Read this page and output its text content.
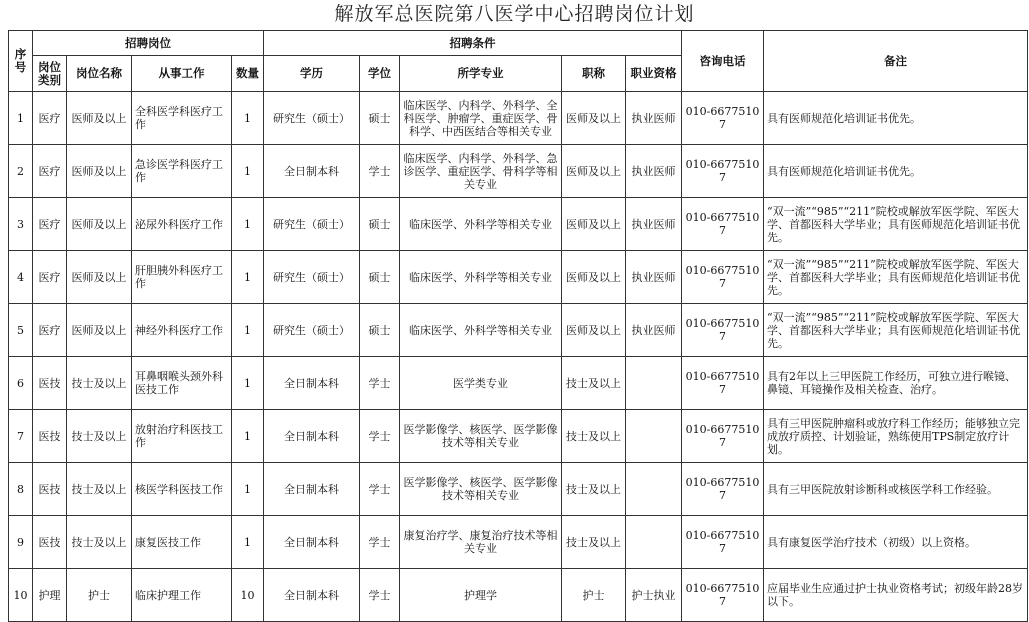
解放军总医院第八医学中心招聘岗位计划
序号	招聘岗位				招聘条件					咨询电话	备注
	岗位类别	岗位名称	从事工作	数量	学历	学位	所学专业	职称	职业资格		
1	医疗	医师及以上	全科医学科医疗工作	1	研究生（硕士）	硕士	临床医学、内科学、外科学、全科医学、肿瘤学、重症医学、骨科学、中西医结合等相关专业	医师及以上	执业医师	010-66775107	具有医师规范化培训证书优先。
2	医疗	医师及以上	急诊医学科医疗工作	1	全日制本科	学士	临床医学、内科学、外科学、急诊医学、重症医学、骨科学等相关专业	医师及以上	执业医师	010-66775107	具有医师规范化培训证书优先。
3	医疗	医师及以上	泌尿外科医疗工作	1	研究生（硕士）	硕士	临床医学、外科学等相关专业	医师及以上	执业医师	010-66775107	“双一流”“985”“211”院校或解放军医学院、军医大学、首都医科大学毕业；具有医师规范化培训证书优先。
4	医疗	医师及以上	肝胆胰外科医疗工作	1	研究生（硕士）	硕士	临床医学、外科学等相关专业	医师及以上	执业医师	010-66775107	“双一流”“985”“211”院校或解放军医学院、军医大学、首都医科大学毕业；具有医师规范化培训证书优先。
5	医疗	医师及以上	神经外科医疗工作	1	研究生（硕士）	硕士	临床医学、外科学等相关专业	医师及以上	执业医师	010-66775107	“双一流”“985”“211”院校或解放军医学院、军医大学、首都医科大学毕业；具有医师规范化培训证书优先。
6	医技	技士及以上	耳鼻咽喉头颈外科医技工作	1	全日制本科	学士	医学类专业	技士及以上		010-66775107	具有2年以上三甲医院工作经历，可独立进行喉镜、鼻镜、耳镜操作及相关检查、治疗。
7	医技	技士及以上	放射治疗科医技工作	1	全日制本科	学士	医学影像学、核医学、医学影像技术等相关专业	技士及以上		010-66775107	具有三甲医院肿瘤科或放疗科工作经历；能够独立完成放疗质控、计划验证，熟练使用TPS制定放疗计划。
8	医技	技士及以上	核医学科医技工作	1	全日制本科	学士	医学影像学、核医学、医学影像技术等相关专业	技士及以上		010-66775107	具有三甲医院放射诊断科或核医学科工作经验。
9	医技	技士及以上	康复医技工作	1	全日制本科	学士	康复治疗学、康复治疗技术等相关专业	技士及以上		010-66775107	具有康复医学治疗技术（初级）以上资格。
10	护理	护士	临床护理工作	10	全日制本科	学士	护理学	护士	护士执业	010-66775107	应届毕业生应通过护士执业资格考试；初级年龄28岁以下。
